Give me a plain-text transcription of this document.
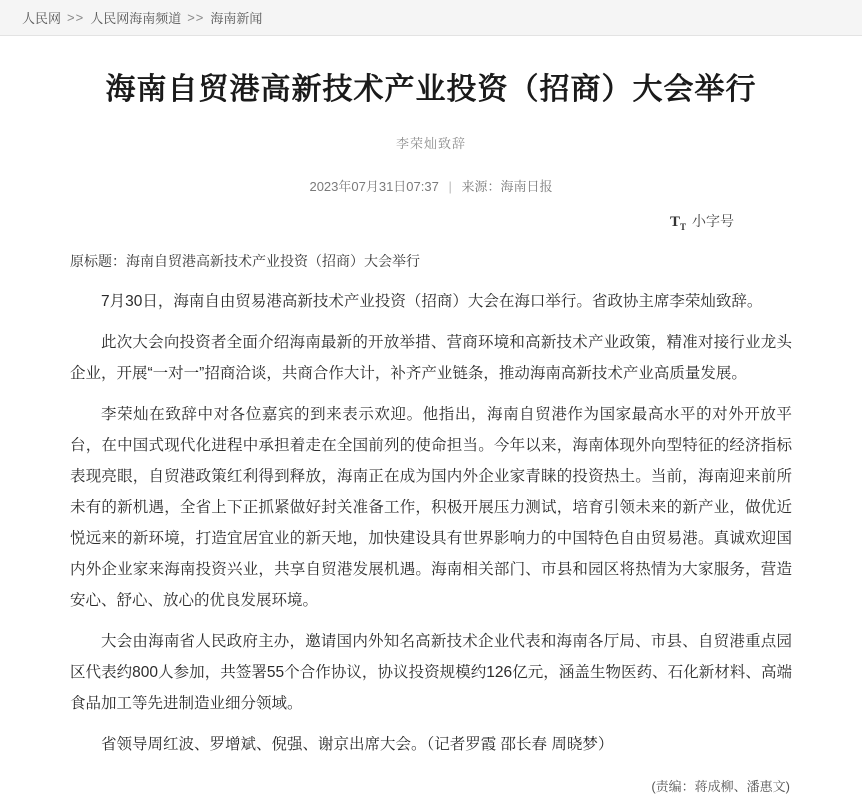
人民网 >> 人民网海南频道 >> 海南新闻
海南自贸港高新技术产业投资（招商）大会举行
李荣灿致辞
2023年07月31日07:37 | 来源：海南日报
$T_T$ 小字号
原标题：海南自贸港高新技术产业投资（招商）大会举行

7月30日，海南自由贸易港高新技术产业投资（招商）大会在海口举行。省政协主席李荣灿致辞。

此次大会向投资者全面介绍海南最新的开放举措、营商环境和高新技术产业政策，精准对接行业龙头企业，开展“一对一”招商洽谈，共商合作大计，补齐产业链条，推动海南高新技术产业高质量发展。

李荣灿在致辞中对各位嘉宾的到来表示欢迎。他指出，海南自贸港作为国家最高水平的对外开放平台，在中国式现代化进程中承担着走在全国前列的使命担当。今年以来，海南体现外向型特征的经济指标表现亮眼，自贸港政策红利得到释放，海南正在成为国内外企业家青睐的投资热土。当前，海南迎来前所未有的新机遇，全省上下正抓紧做好封关准备工作，积极开展压力测试，培育引领未来的新产业，做优近悦远来的新环境，打造宜居宜业的新天地，加快建设具有世界影响力的中国特色自由贸易港。真诚欢迎国内外企业家来海南投资兴业，共享自贸港发展机遇。海南相关部门、市县和园区将热情为大家服务，营造安心、舒心、放心的优良发展环境。

大会由海南省人民政府主办，邀请国内外知名高新技术企业代表和海南各厅局、市县、自贸港重点园区代表约800人参加，共签署55个合作协议，协议投资规模约126亿元，涵盖生物医药、石化新材料、高端食品加工等先进制造业细分领域。

省领导周红波、罗增斌、倪强、谢京出席大会。（记者罗霞 邵长春 周晓梦）

(责编：蒋成柳、潘惠文)
